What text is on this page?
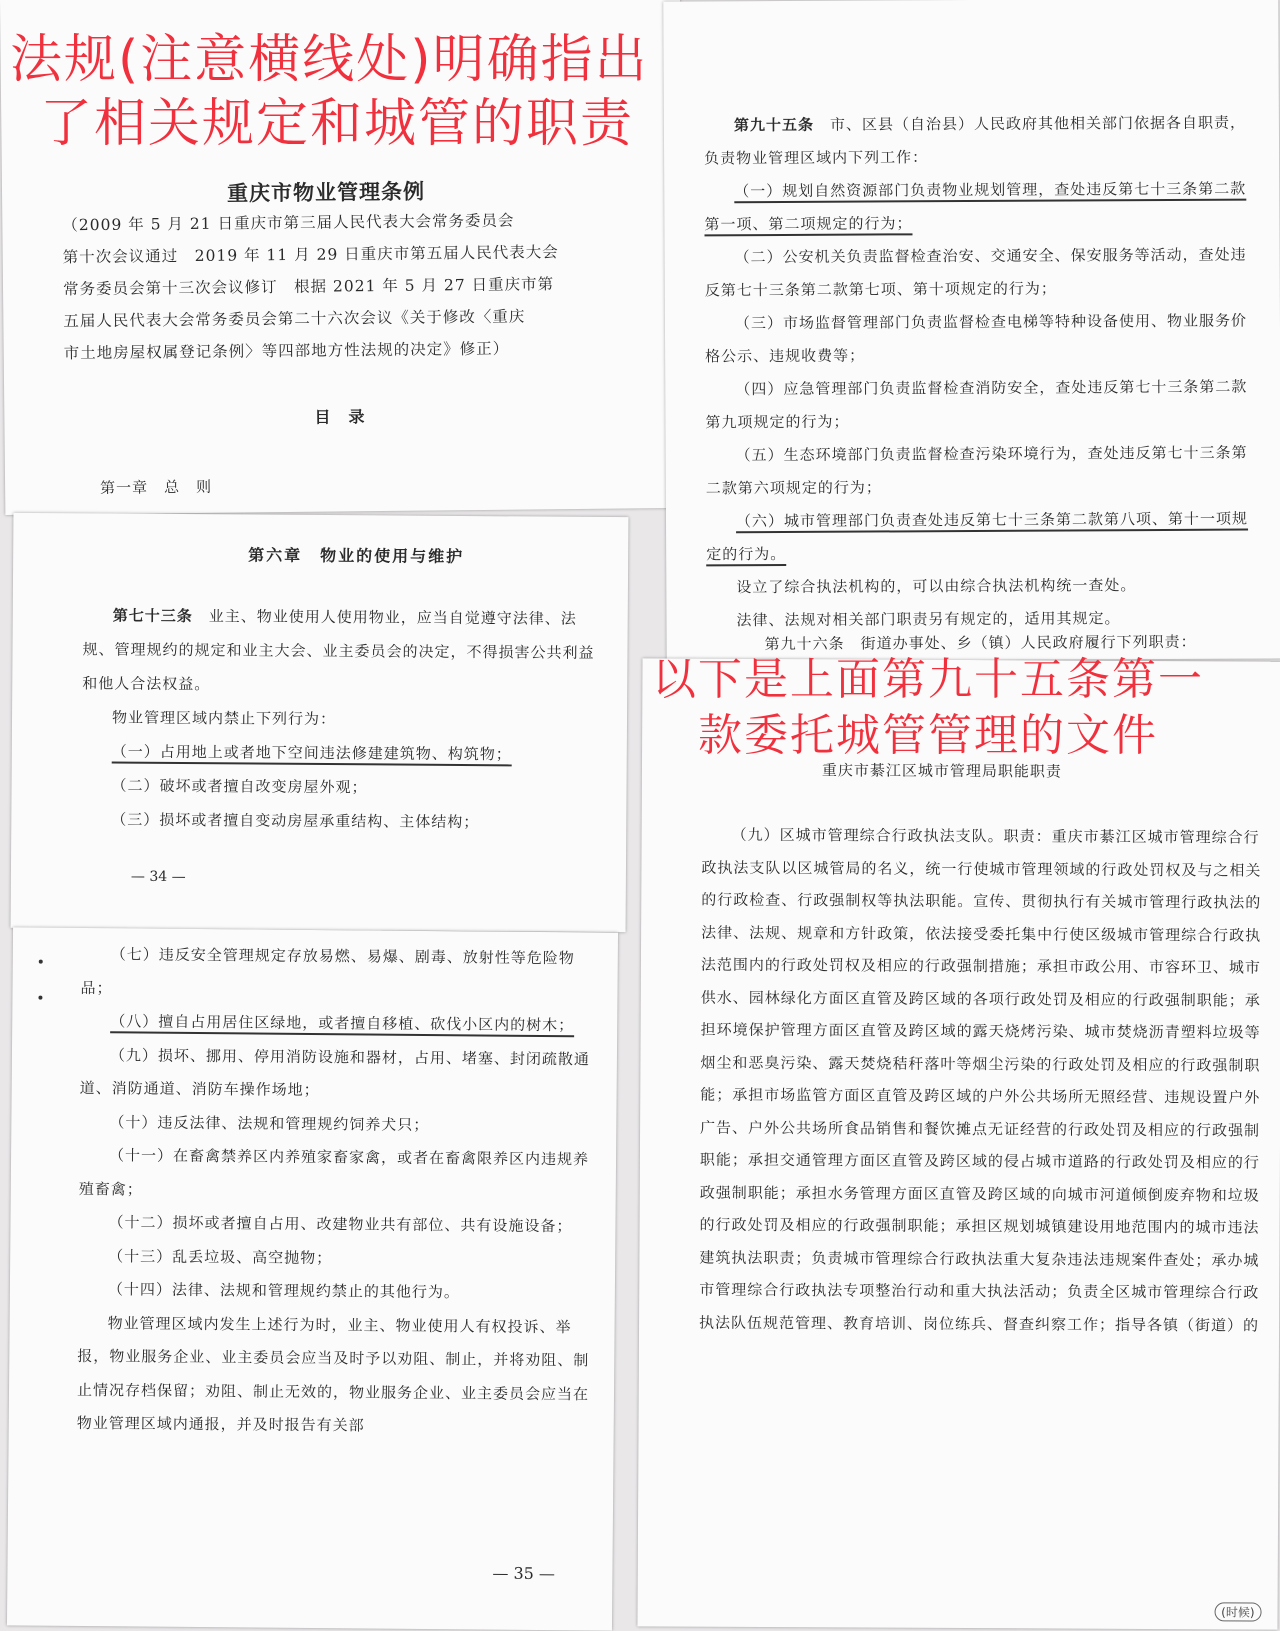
重庆市物业管理条例

（2009 年 5 月 21 日重庆市第三届人民代表大会常务委员会

第十次会议通过　2019 年 11 月 29 日重庆市第五届人民代表大会

常务委员会第十三次会议修订　根据 2021 年 5 月 27 日重庆市第

五届人民代表大会常务委员会第二十六次会议《关于修改〈重庆

市土地房屋权属登记条例〉等四部地方性法规的决定》修正）

目录
第一章　总　则
第六章　物业的使用与维护

第七十三条　业主、物业使用人使用物业，应当自觉遵守法律、法规、管理规约的规定和业主大会、业主委员会的决定，不得损害公共利益和他人合法权益。

物业管理区域内禁止下列行为：

（一）占用地上或者地下空间违法修建建筑物、构筑物；

（二）破坏或者擅自改变房屋外观；

（三）损坏或者擅自变动房屋承重结构、主体结构；

— 34 —

（七）违反安全管理规定存放易燃、易爆、剧毒、放射性等危险物品；

（八）擅自占用居住区绿地，或者擅自移植、砍伐小区内的树木；

（九）损坏、挪用、停用消防设施和器材，占用、堵塞、封闭疏散通道、消防通道、消防车操作场地；

（十）违反法律、法规和管理规约饲养犬只；

（十一）在畜禽禁养区内养殖家畜家禽，或者在畜禽限养区内违规养殖畜禽；

（十二）损坏或者擅自占用、改建物业共有部位、共有设施设备；

（十三）乱丢垃圾、高空抛物；

（十四）法律、法规和管理规约禁止的其他行为。

物业管理区域内发生上述行为时，业主、物业使用人有权投诉、举报，物业服务企业、业主委员会应当及时予以劝阻、制止，并将劝阻、制止情况存档保留；劝阻、制止无效的，物业服务企业、业主委员会应当在物业管理区域内通报，并及时报告有关部

— 35 —

第九十五条　市、区县（自治县）人民政府其他相关部门依据各自职责，负责物业管理区域内下列工作：

（一）规划自然资源部门负责物业规划管理，查处违反第七十三条第二款第一项、第二项规定的行为；

（二）公安机关负责监督检查治安、交通安全、保安服务等活动，查处违反第七十三条第二款第七项、第十项规定的行为；

（三）市场监督管理部门负责监督检查电梯等特种设备使用、物业服务价格公示、违规收费等；

（四）应急管理部门负责监督检查消防安全，查处违反第七十三条第二款第九项规定的行为；

（五）生态环境部门负责监督检查污染环境行为，查处违反第七十三条第二款第六项规定的行为；

（六）城市管理部门负责查处违反第七十三条第二款第八项、第十一项规定的行为。

设立了综合执法机构的，可以由综合执法机构统一查处。

法律、法规对相关部门职责另有规定的，适用其规定。

第九十六条　街道办事处、乡（镇）人民政府履行下列职责：
重庆市綦江区城市管理局职能职责

（九）区城市管理综合行政执法支队。职责：重庆市綦江区城市管理综合行政执法支队以区城管局的名义，统一行使城市管理领域的行政处罚权及与之相关的行政检查、行政强制权等执法职能。宣传、贯彻执行有关城市管理行政执法的法律、法规、规章和方针政策，依法接受委托集中行使区级城市管理综合行政执法范围内的行政处罚权及相应的行政强制措施；承担市政公用、市容环卫、城市供水、园林绿化方面区直管及跨区域的各项行政处罚及相应的行政强制职能；承担环境保护管理方面区直管及跨区域的露天烧烤污染、城市焚烧沥青塑料垃圾等烟尘和恶臭污染、露天焚烧秸秆落叶等烟尘污染的行政处罚及相应的行政强制职能；承担市场监管方面区直管及跨区域的户外公共场所无照经营、违规设置户外广告、户外公共场所食品销售和餐饮摊点无证经营的行政处罚及相应的行政强制职能；承担交通管理方面区直管及跨区域的侵占城市道路的行政处罚及相应的行政强制职能；承担水务管理方面区直管及跨区域的向城市河道倾倒废弃物和垃圾的行政处罚及相应的行政强制职能；承担区规划城镇建设用地范围内的城市违法建筑执法职责；负责城市管理综合行政执法重大复杂违法违规案件查处；承办城市管理综合行政执法专项整治行动和重大执法活动；负责全区城市管理综合行政执法队伍规范管理、教育培训、岗位练兵、督查纠察工作；指导各镇（街道）的

(时候)
法规(注意横线处)明确指出
了相关规定和城管的职责
以下是上面第九十五条第一
款委托城管管理的文件
